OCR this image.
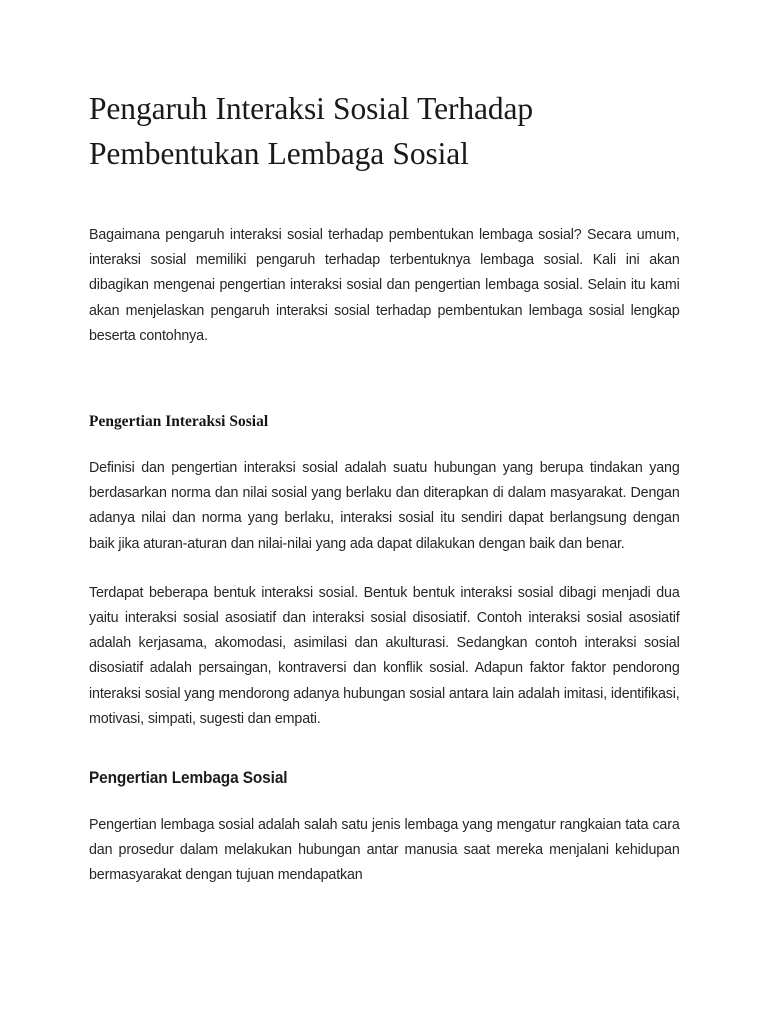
Pengaruh Interaksi Sosial Terhadap
Pembentukan Lembaga Sosial

Bagaimana pengaruh interaksi sosial terhadap pembentukan lembaga sosial? Secara umum, interaksi sosial memiliki pengaruh terhadap terbentuknya lembaga sosial. Kali ini akan dibagikan mengenai pengertian interaksi sosial dan pengertian lembaga sosial. Selain itu kami akan menjelaskan pengaruh interaksi sosial terhadap pembentukan lembaga sosial lengkap beserta contohnya.

Pengertian Interaksi Sosial

Definisi dan pengertian interaksi sosial adalah suatu hubungan yang berupa tindakan yang berdasarkan norma dan nilai sosial yang berlaku dan diterapkan di dalam masyarakat. Dengan adanya nilai dan norma yang berlaku, interaksi sosial itu sendiri dapat berlangsung dengan baik jika aturan-aturan dan nilai-nilai yang ada dapat dilakukan dengan baik dan benar.

Terdapat beberapa bentuk interaksi sosial. Bentuk bentuk interaksi sosial dibagi menjadi dua yaitu interaksi sosial asosiatif dan interaksi sosial disosiatif. Contoh interaksi sosial asosiatif adalah kerjasama, akomodasi, asimilasi dan akulturasi. Sedangkan contoh interaksi sosial disosiatif adalah persaingan, kontraversi dan konflik sosial. Adapun faktor faktor pendorong interaksi sosial yang mendorong adanya hubungan sosial antara lain adalah imitasi, identifikasi, motivasi, simpati, sugesti dan empati.

Pengertian Lembaga Sosial

Pengertian lembaga sosial adalah salah satu jenis lembaga yang mengatur rangkaian tata cara dan prosedur dalam melakukan hubungan antar manusia saat mereka menjalani kehidupan bermasyarakat dengan tujuan mendapatkan
